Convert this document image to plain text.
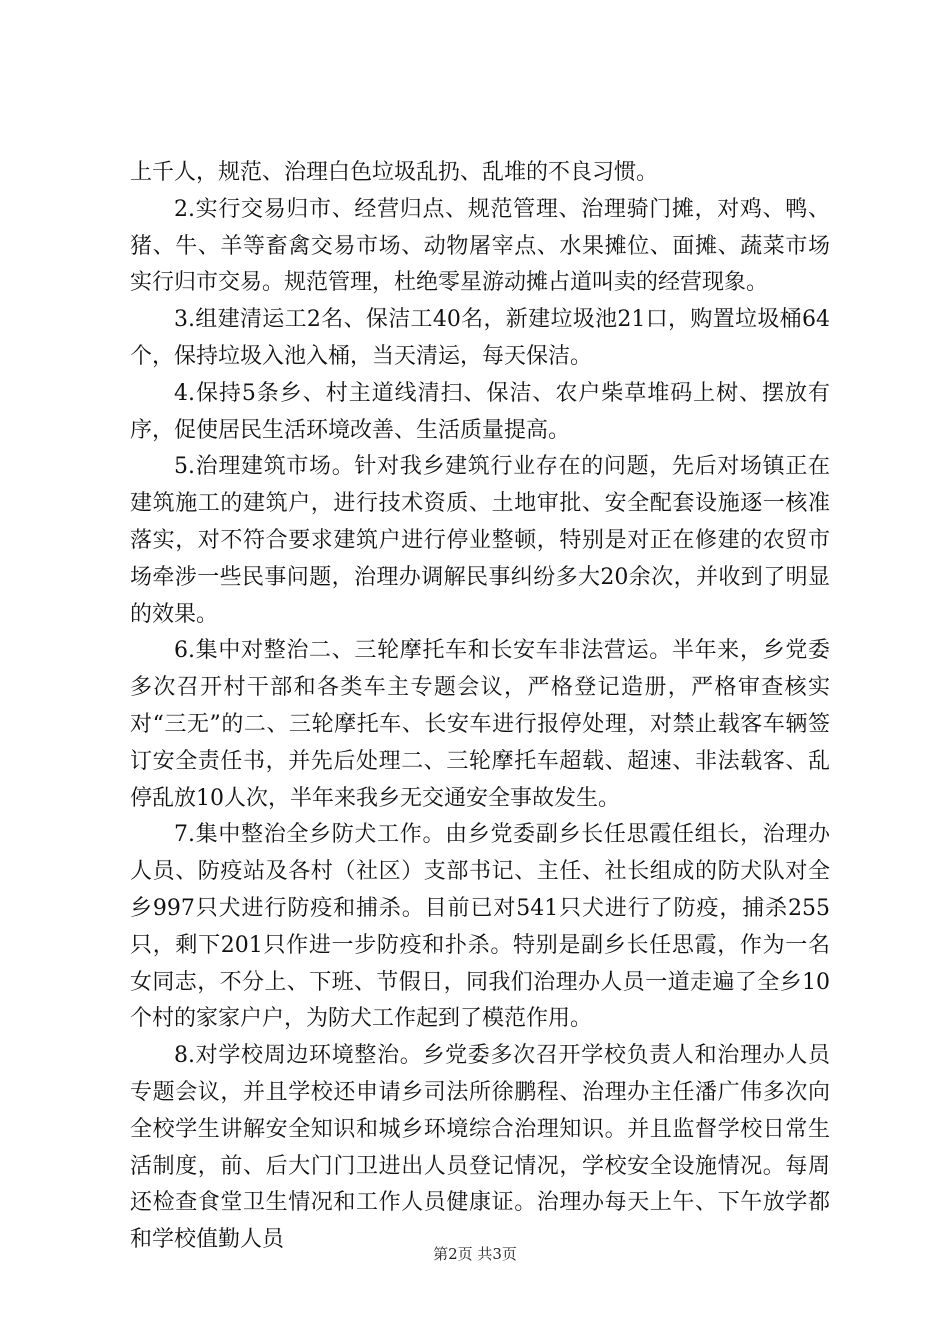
上千人，规范、治理白色垃圾乱扔、乱堆的不良习惯。

2.实行交易归市、经营归点、规范管理、治理骑门摊，对鸡、鸭、猪、牛、羊等畜禽交易市场、动物屠宰点、水果摊位、面摊、蔬菜市场实行归市交易。规范管理，杜绝零星游动摊占道叫卖的经营现象。

3.组建清运工2名、保洁工40名，新建垃圾池21口，购置垃圾桶64个，保持垃圾入池入桶，当天清运，每天保洁。

4.保持5条乡、村主道线清扫、保洁、农户柴草堆码上树、摆放有序，促使居民生活环境改善、生活质量提高。

5.治理建筑市场。针对我乡建筑行业存在的问题，先后对场镇正在建筑施工的建筑户，进行技术资质、土地审批、安全配套设施逐一核准落实，对不符合要求建筑户进行停业整顿，特别是对正在修建的农贸市场牵涉一些民事问题，治理办调解民事纠纷多大20余次，并收到了明显的效果。

6.集中对整治二、三轮摩托车和长安车非法营运。半年来，乡党委多次召开村干部和各类车主专题会议，严格登记造册，严格审查核实对“三无”的二、三轮摩托车、长安车进行报停处理，对禁止载客车辆签订安全责任书，并先后处理二、三轮摩托车超载、超速、非法载客、乱停乱放10人次，半年来我乡无交通安全事故发生。

7.集中整治全乡防犬工作。由乡党委副乡长任思霞任组长，治理办人员、防疫站及各村（社区）支部书记、主任、社长组成的防犬队对全乡997只犬进行防疫和捕杀。目前已对541只犬进行了防疫，捕杀255只，剩下201只作进一步防疫和扑杀。特别是副乡长任思霞，作为一名女同志，不分上、下班、节假日，同我们治理办人员一道走遍了全乡10个村的家家户户，为防犬工作起到了模范作用。

8.对学校周边环境整治。乡党委多次召开学校负责人和治理办人员专题会议，并且学校还申请乡司法所徐鹏程、治理办主任潘广伟多次向全校学生讲解安全知识和城乡环境综合治理知识。并且监督学校日常生活制度，前、后大门门卫进出人员登记情况，学校安全设施情况。每周还检查食堂卫生情况和工作人员健康证。治理办每天上午、下午放学都和学校值勤人员

第2页 共3页
